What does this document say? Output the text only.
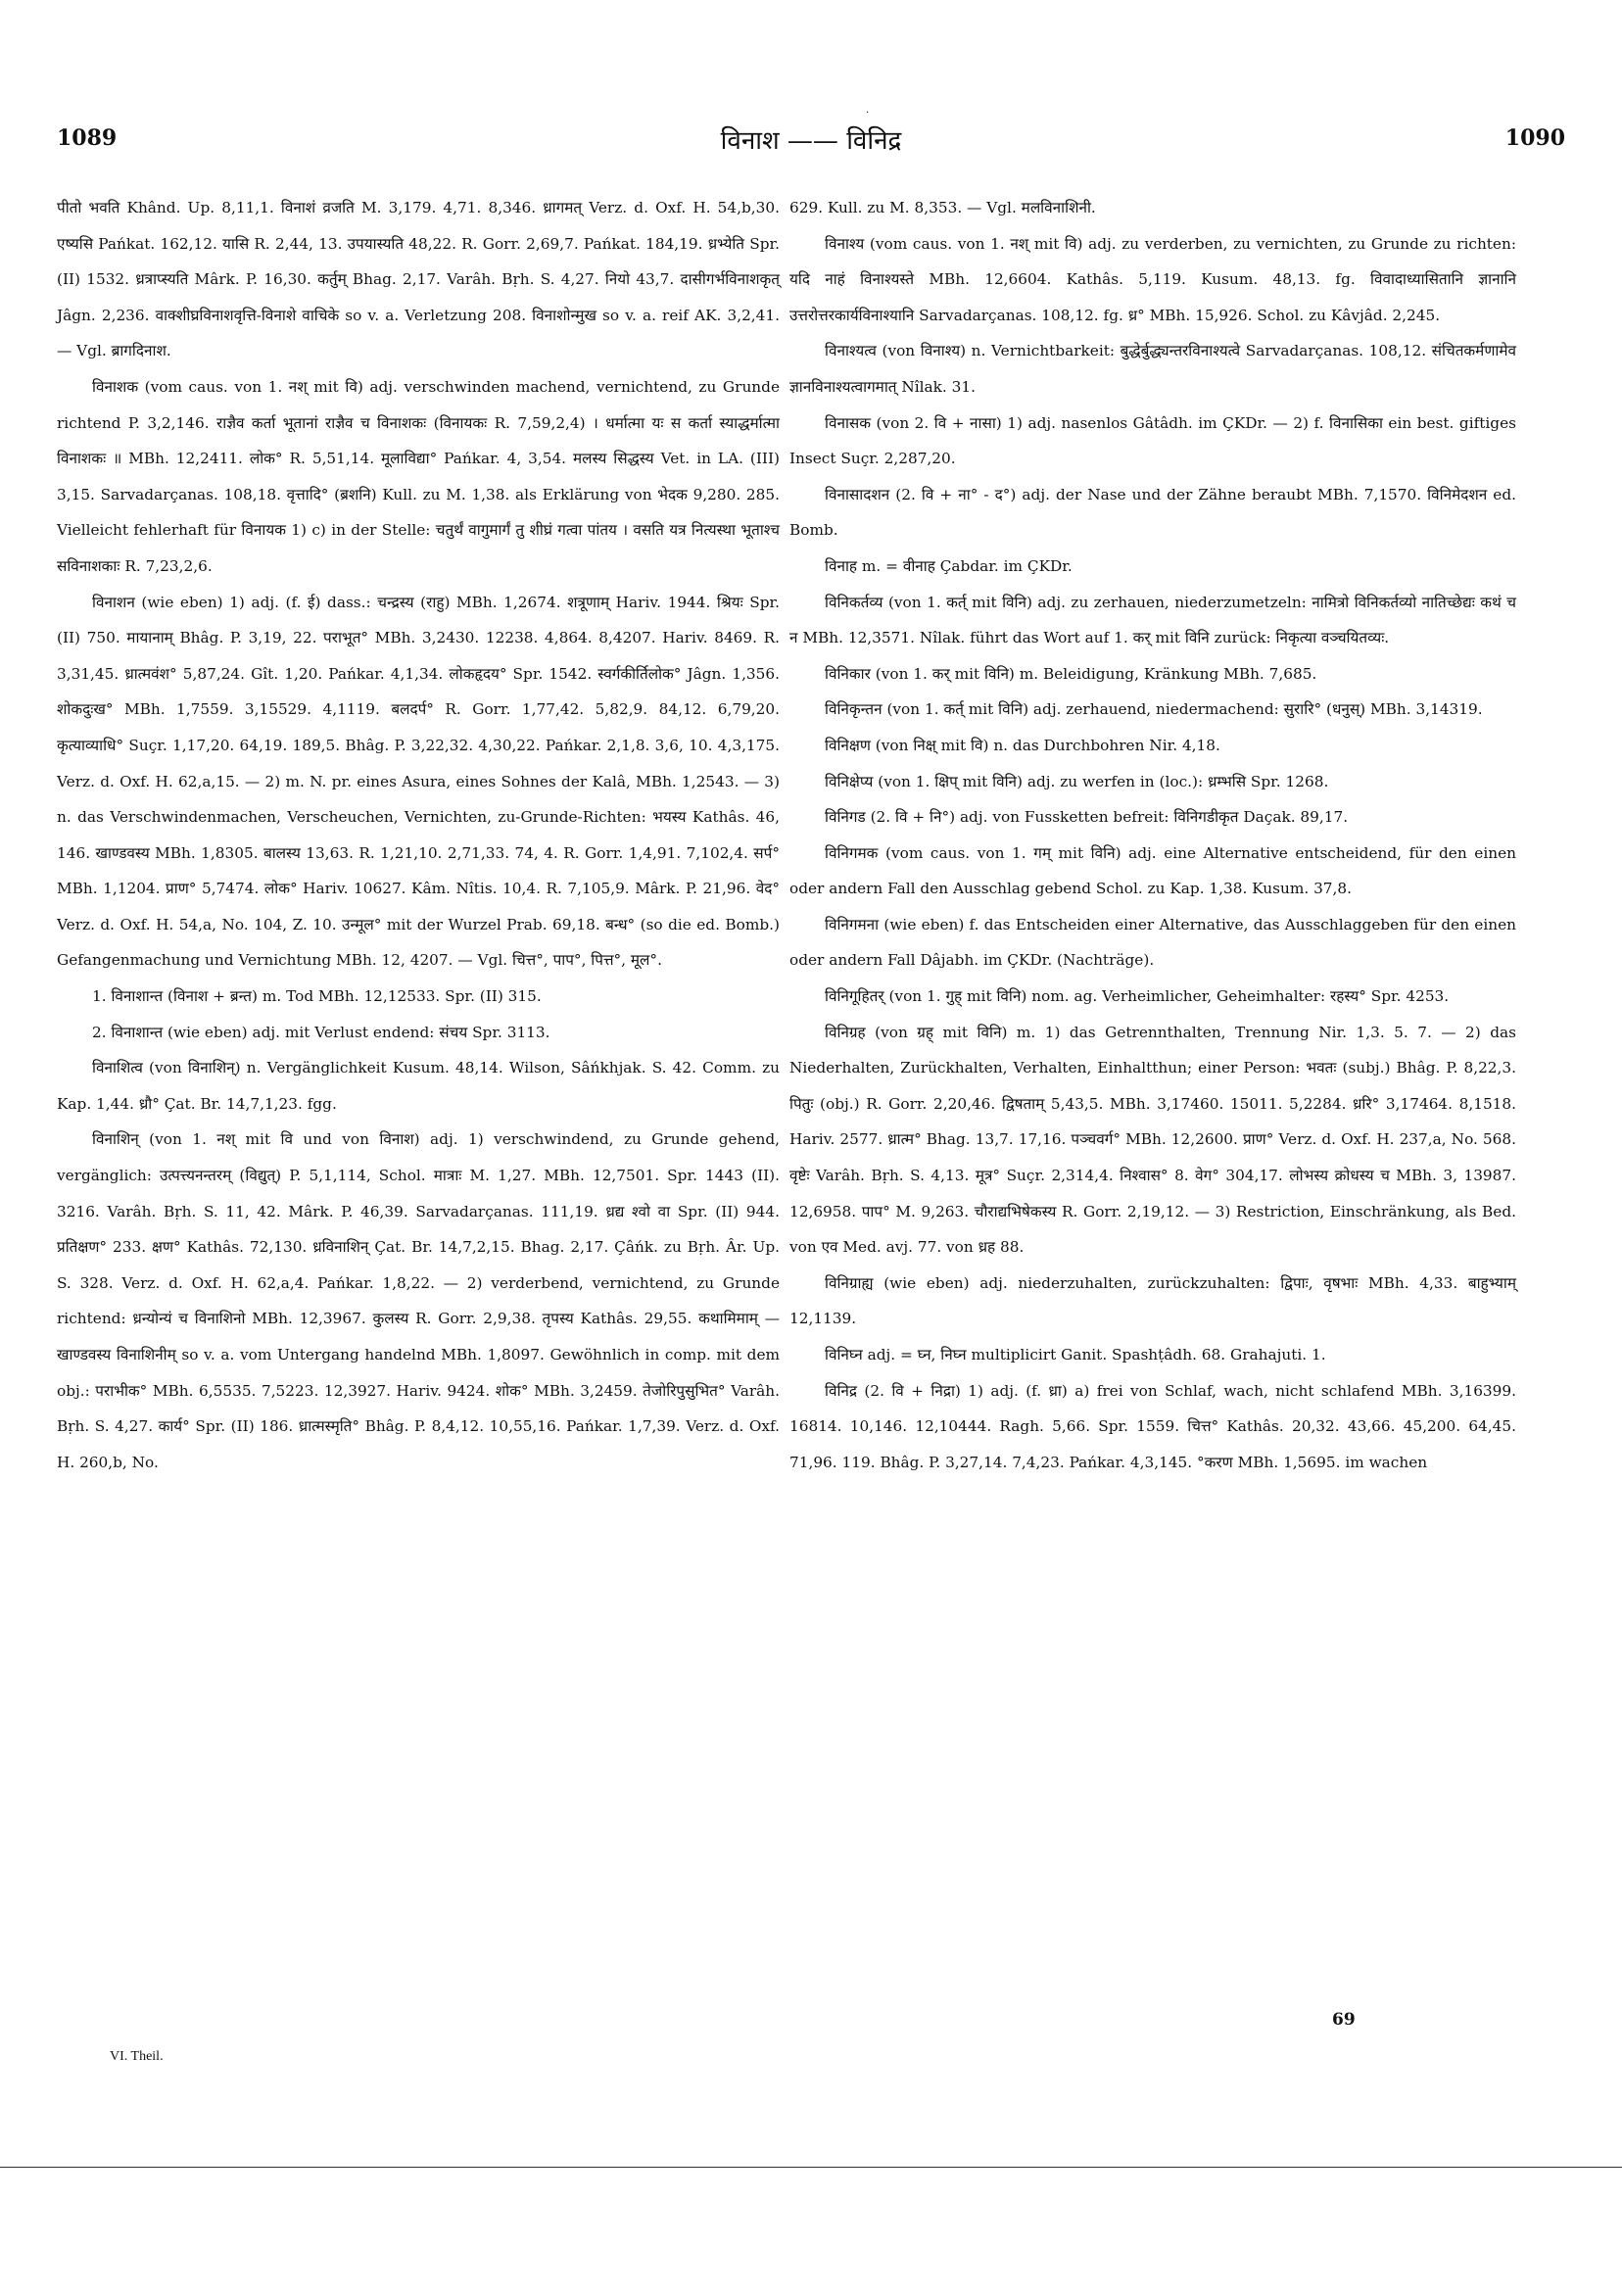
·
1089	विनाश —— विनिद्र	1090

पीतो भवति Khând. Up. 8,11,1. विनाशं व्रजति M. 3,179. 4,71. 8,346. ध्रागमत् Verz. d. Oxf. H. 54,b,30. एष्यसि Pańkat. 162,12. यासि R. 2,44, 13. उपयास्यति 48,22. R. Gorr. 2,69,7. Pańkat. 184,19. ध्रभ्येति Spr. (II) 1532. ध्रत्राप्स्यति Mârk. P. 16,30. कर्तुम् Bhag. 2,17. Varâh. Bṛh. S. 4,27. नियो 43,7. दासीगर्भविनाशकृत् Jâgn. 2,236. वाक्शीघ्रविनाशवृत्ति-विनाशे वाचिके so v. a. Verletzung 208. विनाशोन्मुख so v. a. reif AK. 3,2,41. — Vgl. ब्रागदिनाश.

विनाशक (vom caus. von 1. नश् mit वि) adj. verschwinden machend, vernichtend, zu Grunde richtend P. 3,2,146. राज्ञैव कर्ता भूतानां राज्ञैव च विनाशकः (विनायकः R. 7,59,2,4) । धर्मात्मा यः स कर्ता स्याद्धर्मात्मा विनाशकः ॥ MBh. 12,2411. लोक° R. 5,51,14. मूलाविद्या° Pańkar. 4, 3,54. मलस्य सिद्धस्य Vet. in LA. (III) 3,15. Sarvadarçanas. 108,18. वृत्तादि° (ब्रशनि) Kull. zu M. 1,38. als Erklärung von भेदक 9,280. 285. Vielleicht fehlerhaft für विनायक 1) c) in der Stelle: चतुर्थं वागुमार्गं तु शीघ्रं गत्वा पांतय । वसति यत्र नित्यस्था भूताश्च सविनाशकाः R. 7,23,2,6.

विनाशन (wie eben) 1) adj. (f. ई) dass.: चन्द्रस्य (राहु) MBh. 1,2674. शत्रूणाम् Hariv. 1944. श्रियः Spr. (II) 750. मायानाम् Bhâg. P. 3,19, 22. पराभूत° MBh. 3,2430. 12238. 4,864. 8,4207. Hariv. 8469. R. 3,31,45. ध्रात्मवंश° 5,87,24. Gît. 1,20. Pańkar. 4,1,34. लोकहृदय° Spr. 1542. स्वर्गकीर्तिलोक° Jâgn. 1,356. शोकदुःख° MBh. 1,7559. 3,15529. 4,1119. बलदर्प° R. Gorr. 1,77,42. 5,82,9. 84,12. 6,79,20. कृत्याव्याधि° Suçr. 1,17,20. 64,19. 189,5. Bhâg. P. 3,22,32. 4,30,22. Pańkar. 2,1,8. 3,6, 10. 4,3,175. Verz. d. Oxf. H. 62,a,15. — 2) m. N. pr. eines Asura, eines Sohnes der Kalâ, MBh. 1,2543. — 3) n. das Verschwindenmachen, Verscheuchen, Vernichten, zu-Grunde-Richten: भयस्य Kathâs. 46, 146. खाण्डवस्य MBh. 1,8305. बालस्य 13,63. R. 1,21,10. 2,71,33. 74, 4. R. Gorr. 1,4,91. 7,102,4. सर्प° MBh. 1,1204. प्राण° 5,7474. लोक° Hariv. 10627. Kâm. Nîtis. 10,4. R. 7,105,9. Mârk. P. 21,96. वेद° Verz. d. Oxf. H. 54,a, No. 104, Z. 10. उन्मूल° mit der Wurzel Prab. 69,18. बन्ध° (so die ed. Bomb.) Gefangenmachung und Vernichtung MBh. 12, 4207. — Vgl. चित्त°, पाप°, पित्त°, मूल°.

1. विनाशान्त (विनाश + ब्रन्त) m. Tod MBh. 12,12533. Spr. (II) 315.

2. विनाशान्त (wie eben) adj. mit Verlust endend: संचय Spr. 3113.

विनाशित्व (von विनाशिन्) n. Vergänglichkeit Kusum. 48,14. Wilson, Sâńkhjak. S. 42. Comm. zu Kap. 1,44. ध्रौ° Çat. Br. 14,7,1,23. fgg.

विनाशिन् (von 1. नश् mit वि und von विनाश) adj. 1) verschwindend, zu Grunde gehend, vergänglich: उत्पत्त्यनन्तरम् (विद्युत्) P. 5,1,114, Schol. मात्राः M. 1,27. MBh. 12,7501. Spr. 1443 (II). 3216. Varâh. Bṛh. S. 11, 42. Mârk. P. 46,39. Sarvadarçanas. 111,19. ध्रद्य श्वो वा Spr. (II) 944. प्रतिक्षण° 233. क्षण° Kathâs. 72,130. ध्रविनाशिन् Çat. Br. 14,7,2,15. Bhag. 2,17. Çâńk. zu Bṛh. Âr. Up. S. 328. Verz. d. Oxf. H. 62,a,4. Pańkar. 1,8,22. — 2) verderbend, vernichtend, zu Grunde richtend: ध्रन्योन्यं च विनाशिनो MBh. 12,3967. कुलस्य R. Gorr. 2,9,38. तृपस्य Kathâs. 29,55. कथामिमाम् — खाण्डवस्य विनाशिनीम् so v. a. vom Untergang handelnd MBh. 1,8097. Gewöhnlich in comp. mit dem obj.: पराभीक° MBh. 6,5535. 7,5223. 12,3927. Hariv. 9424. शोक° MBh. 3,2459. तेजोरिपुसुभित° Varâh. Bṛh. S. 4,27. कार्य° Spr. (II) 186. ध्रात्मस्मृति° Bhâg. P. 8,4,12. 10,55,16. Pańkar. 1,7,39. Verz. d. Oxf. H. 260,b, No.

629. Kull. zu M. 8,353. — Vgl. मलविनाशिनी.

विनाश्य (vom caus. von 1. नश् mit वि) adj. zu verderben, zu vernichten, zu Grunde zu richten: यदि नाहं विनाश्यस्ते MBh. 12,6604. Kathâs. 5,119. Kusum. 48,13. fg. विवादाध्यासितानि ज्ञानानि उत्तरोत्तरकार्यविनाश्यानि Sarvadarçanas. 108,12. fg. ध्र° MBh. 15,926. Schol. zu Kâvjâd. 2,245.

विनाश्यत्व (von विनाश्य) n. Vernichtbarkeit: बुद्धेर्बुद्ध्यन्तरविनाश्यत्वे Sarvadarçanas. 108,12. संचितकर्मणामेव ज्ञानविनाश्यत्वागमात् Nîlak. 31.

विनासक (von 2. वि + नासा) 1) adj. nasenlos Gâtâdh. im ÇKDr. — 2) f. विनासिका ein best. giftiges Insect Suçr. 2,287,20.

विनासादशन (2. वि + ना° - द°) adj. der Nase und der Zähne beraubt MBh. 7,1570. विनिमेदशन ed. Bomb.

विनाह m. = वीनाह Çabdar. im ÇKDr.

विनिकर्तव्य (von 1. कर्त् mit विनि) adj. zu zerhauen, niederzumetzeln: नामित्रो विनिकर्तव्यो नातिच्छेद्यः कथं च न MBh. 12,3571. Nîlak. führt das Wort auf 1. कर् mit विनि zurück: निकृत्या वञ्चयितव्यः.

विनिकार (von 1. कर् mit विनि) m. Beleidigung, Kränkung MBh. 7,685.

विनिकृन्तन (von 1. कर्त् mit विनि) adj. zerhauend, niedermachend: सुरारि° (धनुस्) MBh. 3,14319.

विनिक्षण (von निक्ष् mit वि) n. das Durchbohren Nir. 4,18.

विनिक्षेप्य (von 1. क्षिप् mit विनि) adj. zu werfen in (loc.): ध्रम्भसि Spr. 1268.

विनिगड (2. वि + नि°) adj. von Fussketten befreit: विनिगडीकृत Daçak. 89,17.

विनिगमक (vom caus. von 1. गम् mit विनि) adj. eine Alternative entscheidend, für den einen oder andern Fall den Ausschlag gebend Schol. zu Kap. 1,38. Kusum. 37,8.

विनिगमना (wie eben) f. das Entscheiden einer Alternative, das Ausschlaggeben für den einen oder andern Fall Dâjabh. im ÇKDr. (Nachträge).

विनिगूहितर् (von 1. गुह् mit विनि) nom. ag. Verheimlicher, Geheimhalter: रहस्य° Spr. 4253.

विनिग्रह (von ग्रह् mit विनि) m. 1) das Getrennthalten, Trennung Nir. 1,3. 5. 7. — 2) das Niederhalten, Zurückhalten, Verhalten, Einhaltthun; einer Person: भवतः (subj.) Bhâg. P. 8,22,3. पितुः (obj.) R. Gorr. 2,20,46. द्विषताम् 5,43,5. MBh. 3,17460. 15011. 5,2284. ध्ररि° 3,17464. 8,1518. Hariv. 2577. ध्रात्म° Bhag. 13,7. 17,16. पञ्चवर्ग° MBh. 12,2600. प्राण° Verz. d. Oxf. H. 237,a, No. 568. वृष्टेः Varâh. Bṛh. S. 4,13. मूत्र° Suçr. 2,314,4. निश्वास° 8. वेग° 304,17. लोभस्य क्रोधस्य च MBh. 3, 13987. 12,6958. पाप° M. 9,263. चौराद्यभिषेकस्य R. Gorr. 2,19,12. — 3) Restriction, Einschränkung, als Bed. von एव Med. avj. 77. von ध्रह 88.

विनिग्राह्य (wie eben) adj. niederzuhalten, zurückzuhalten: द्विपाः, वृषभाः MBh. 4,33. बाहुभ्याम् 12,1139.

विनिघ्न adj. = घ्न, निघ्न multiplicirt Ganit. Spashṭâdh. 68. Grahajuti. 1.

विनिद्र (2. वि + निद्रा) 1) adj. (f. ध्रा) a) frei von Schlaf, wach, nicht schlafend MBh. 3,16399. 16814. 10,146. 12,10444. Ragh. 5,66. Spr. 1559. चित्त° Kathâs. 20,32. 43,66. 45,200. 64,45. 71,96. 119. Bhâg. P. 3,27,14. 7,4,23. Pańkar. 4,3,145. °करण MBh. 1,5695. im wachen

VI. Theil.
69
